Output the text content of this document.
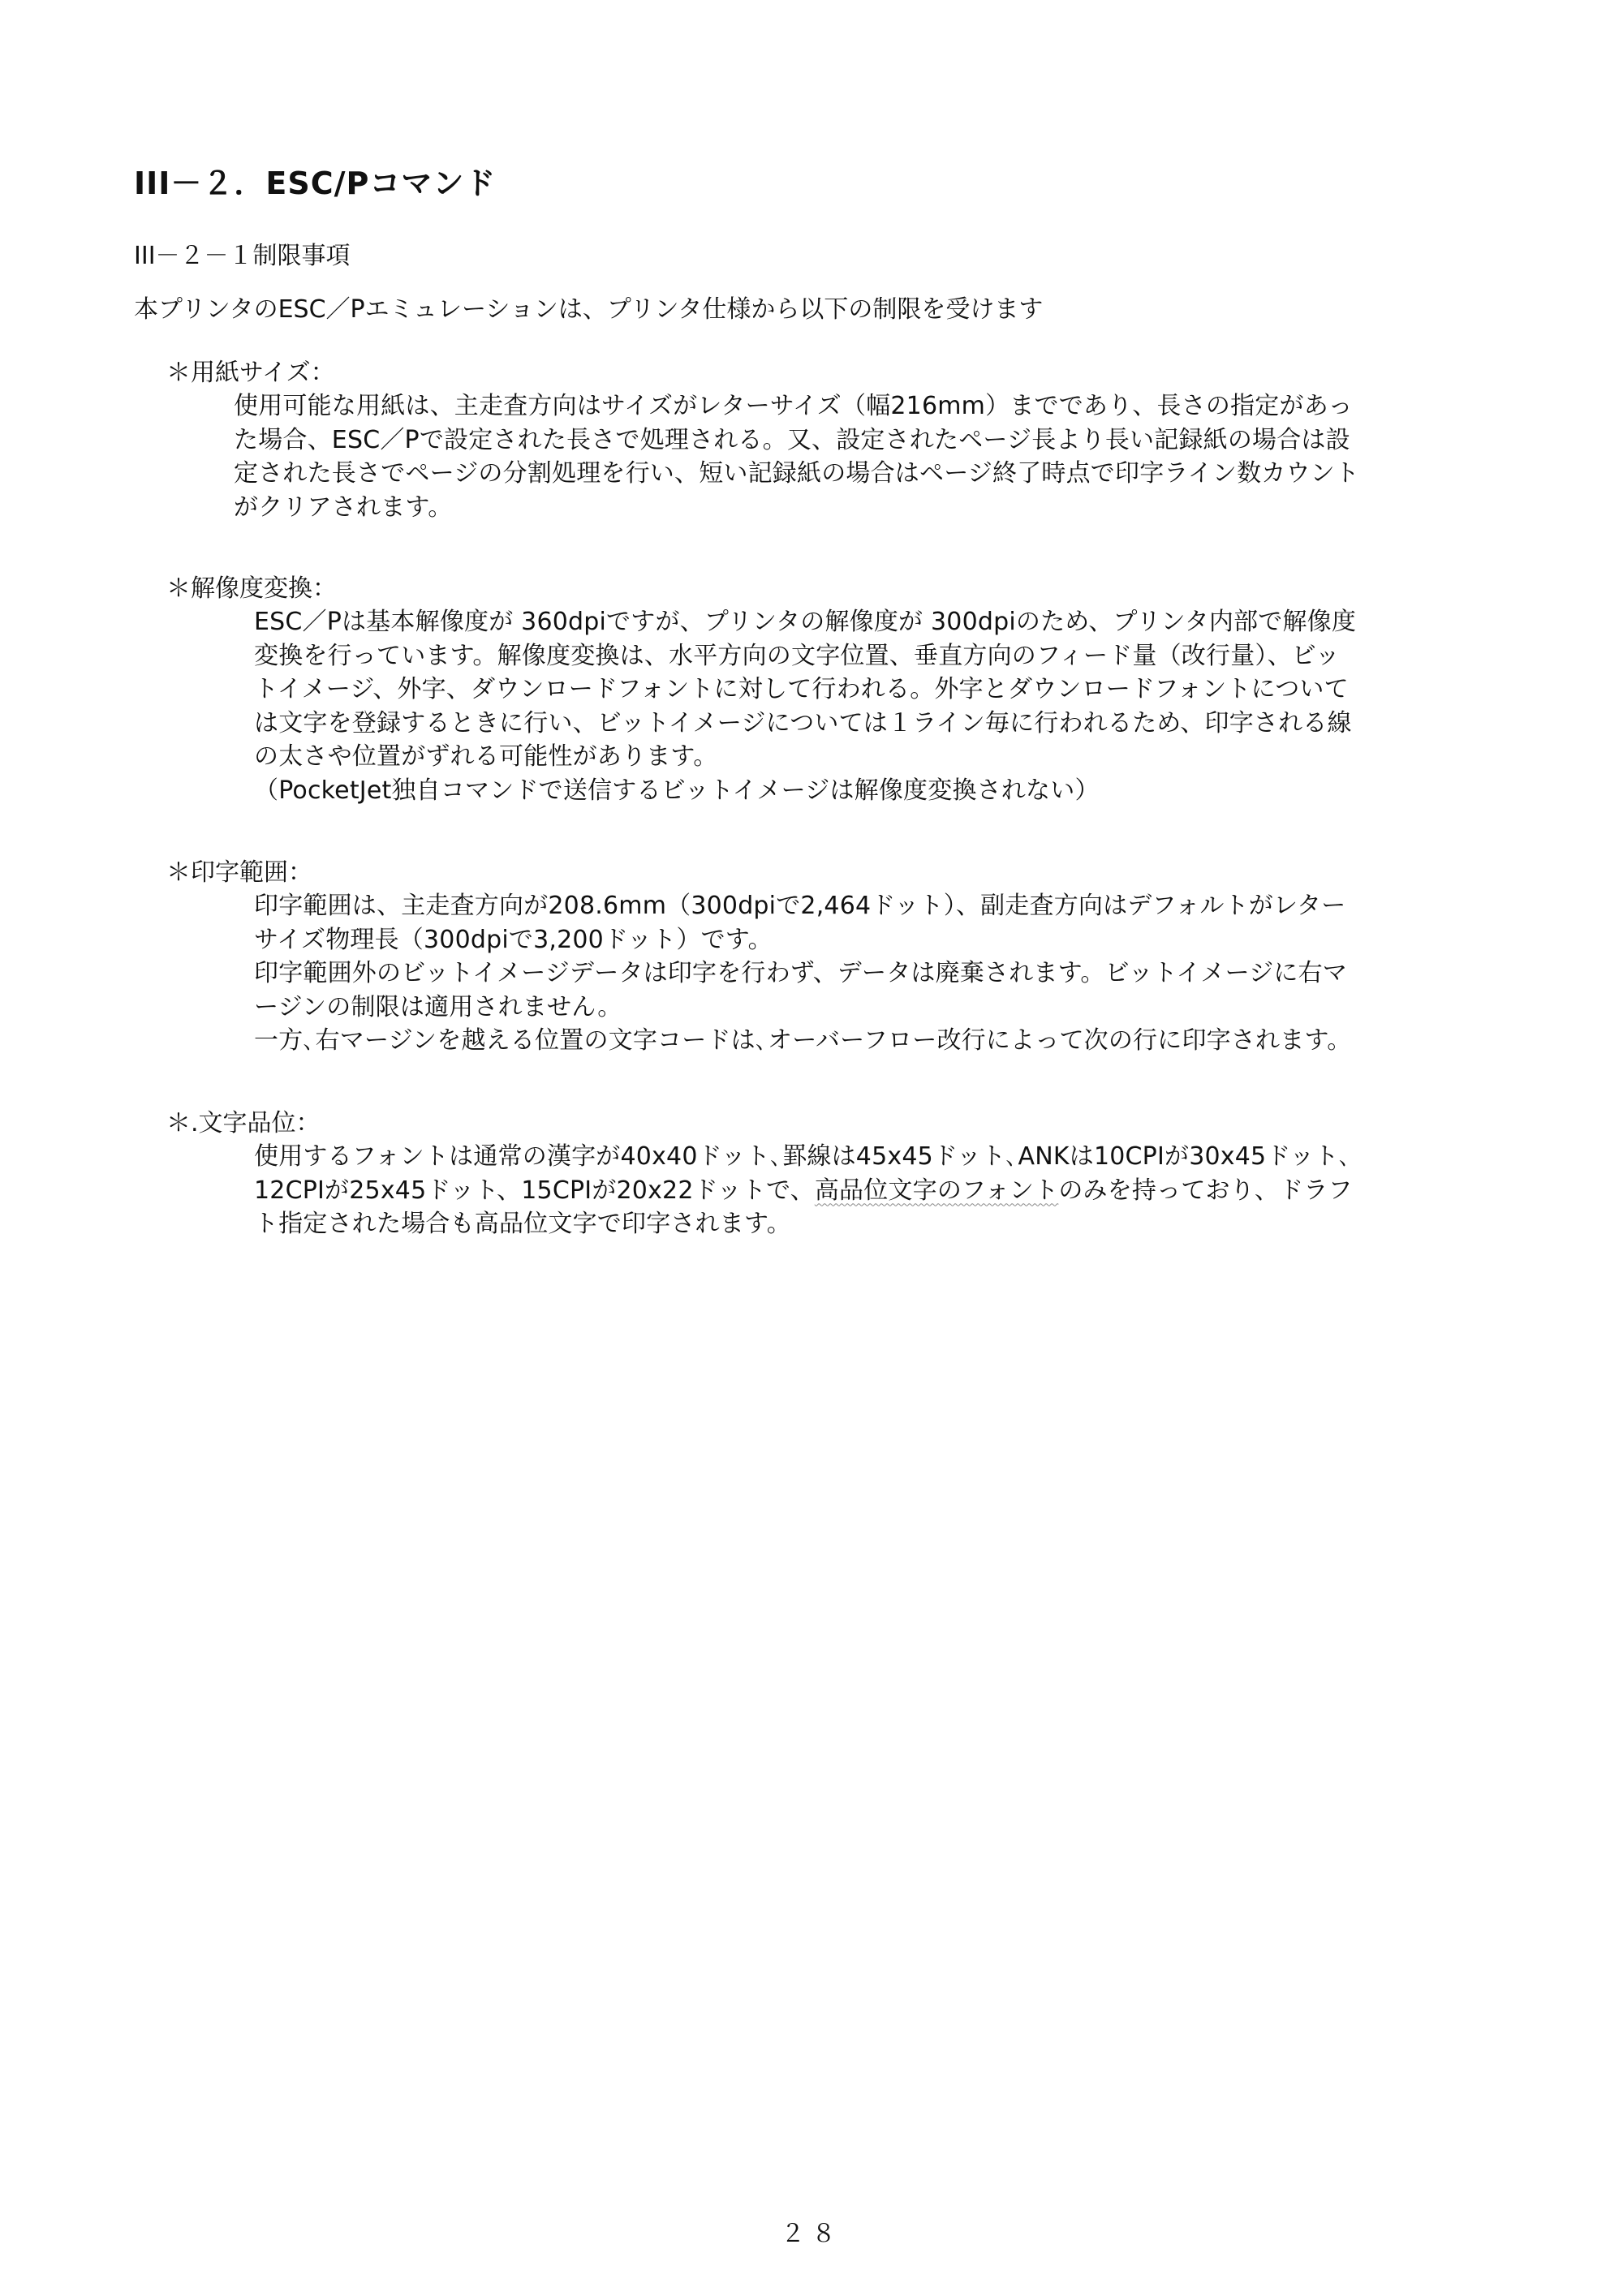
ⅠⅠⅠ－２．ESC/Pコマンド
ⅠⅠⅠ－２－１制限事項
本プリンタのESC／Pエミュレーションは、プリンタ仕様から以下の制限を受けます
＊用紙サイズ：
使用可能な用紙は、主走査方向はサイズがレターサイズ（幅216mm）までであり、長さの指定があっ
た場合、ESC／Pで設定された長さで処理される。又、設定されたページ長より長い記録紙の場合は設
定された長さでページの分割処理を行い、短い記録紙の場合はページ終了時点で印字ライン数カウント
がクリアされます。
＊解像度変換：
ESC／Pは基本解像度が 360dpiですが、プリンタの解像度が 300dpiのため、プリンタ内部で解像度
変換を行っています。解像度変換は、水平方向の文字位置、垂直方向のフィード量（改行量）、ビッ
トイメージ、外字、ダウンロードフォントに対して行われる。外字とダウンロードフォントについて
は文字を登録するときに行い、ビットイメージについては１ライン毎に行われるため、印字される線
の太さや位置がずれる可能性があります。
（PocketJet独自コマンドで送信するビットイメージは解像度変換されない）
＊印字範囲：
印字範囲は、主走査方向が208.6mm（300dpiで2,464ドット）、副走査方向はデフォルトがレター
サイズ物理長（300dpiで3,200ドット）です。
印字範囲外のビットイメージデータは印字を行わず、データは廃棄されます。ビットイメージに右マ
ージンの制限は適用されません。
一方､右マージンを越える位置の文字コードは､オーバーフロー改行によって次の行に印字されます。
＊.文字品位：
使用するフォントは通常の漢字が40x40ドット､罫線は45x45ドット､ANKは10CPIが30x45ドット､
12CPIが25x45ドット、15CPIが20x22ドットで、高品位文字のフォントのみを持っており、ドラフ
ト指定された場合も高品位文字で印字されます。
２８
